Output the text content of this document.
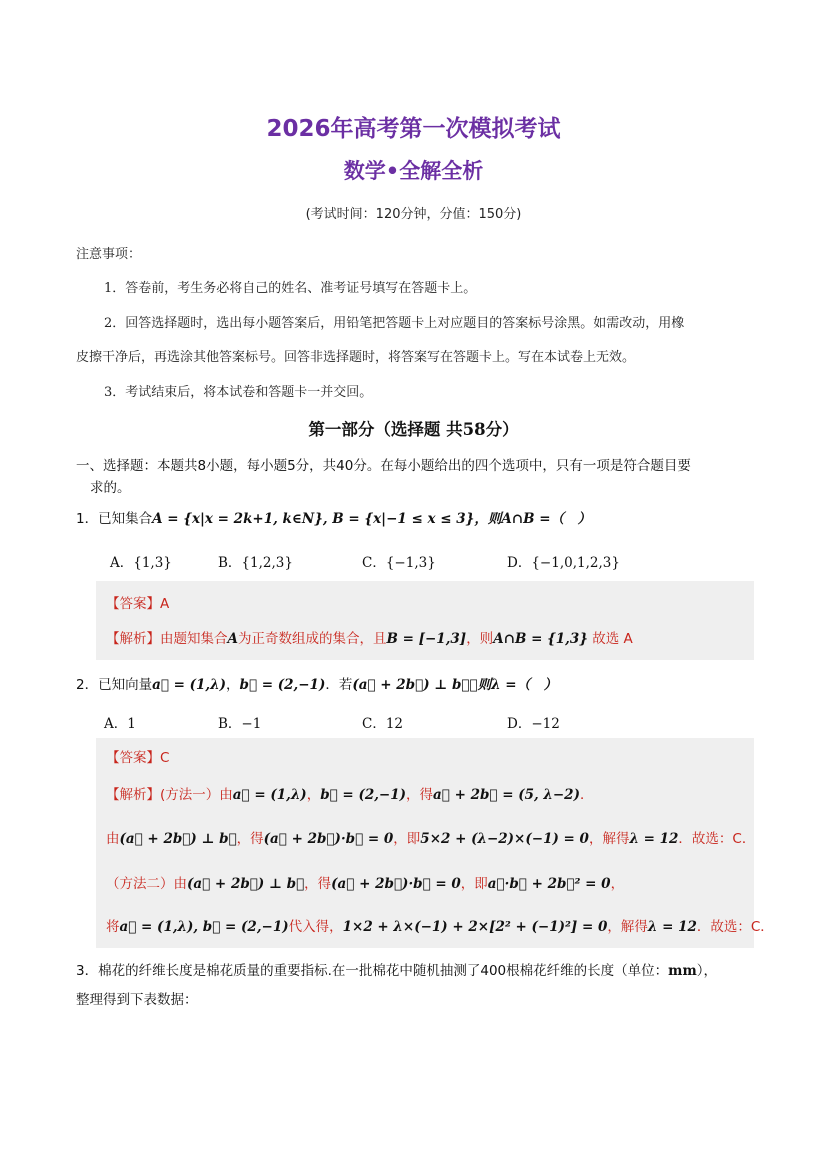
2026年高考第一次模拟考试
数学•全解全析
(考试时间：120分钟，分值：150分)
注意事项：
1．答卷前，考生务必将自己的姓名、准考证号填写在答题卡上。
2．回答选择题时，选出每小题答案后，用铅笔把答题卡上对应题目的答案标号涂黑。如需改动，用橡
皮擦干净后，再选涂其他答案标号。回答非选择题时，将答案写在答题卡上。写在本试卷上无效。
3．考试结束后，将本试卷和答题卡一并交回。
第一部分（选择题 共58分）
一、选择题：本题共8小题，每小题5分，共40分。在每小题给出的四个选项中，只有一项是符合题目要
求的。
1．已知集合A = {x|x = 2k+1, k∈N}, B = {x|−1 ≤ x ≤ 3}，则A∩B =（　）
A．{1,3}	B．{1,2,3}	C．{−1,3}	D．{−1,0,1,2,3}
【答案】A
【解析】由题知集合A为正奇数组成的集合，且B = [−1,3]，则A∩B = {1,3} 故选 A
2．已知向量a⃗ = (1,λ)，b⃗ = (2,−1)．若(a⃗ + 2b⃗) ⊥ b⃗，则λ =（　）
A．1	B．−1	C．12	D．−12
【答案】C
【解析】(方法一）由a⃗ = (1,λ)，b⃗ = (2,−1)，得a⃗ + 2b⃗ = (5, λ−2)．
由(a⃗ + 2b⃗) ⊥ b⃗，得(a⃗ + 2b⃗)·b⃗ = 0，即5×2 + (λ−2)×(−1) = 0，解得λ = 12．故选：C．
（方法二）由(a⃗ + 2b⃗) ⊥ b⃗，得(a⃗ + 2b⃗)·b⃗ = 0，即a⃗·b⃗ + 2b⃗² = 0，
将a⃗ = (1,λ), b⃗ = (2,−1)代入得，1×2 + λ×(−1) + 2×[2² + (−1)²] = 0，解得λ = 12．故选：C．
3．棉花的纤维长度是棉花质量的重要指标.在一批棉花中随机抽测了400根棉花纤维的长度（单位：mm），
整理得到下表数据：
